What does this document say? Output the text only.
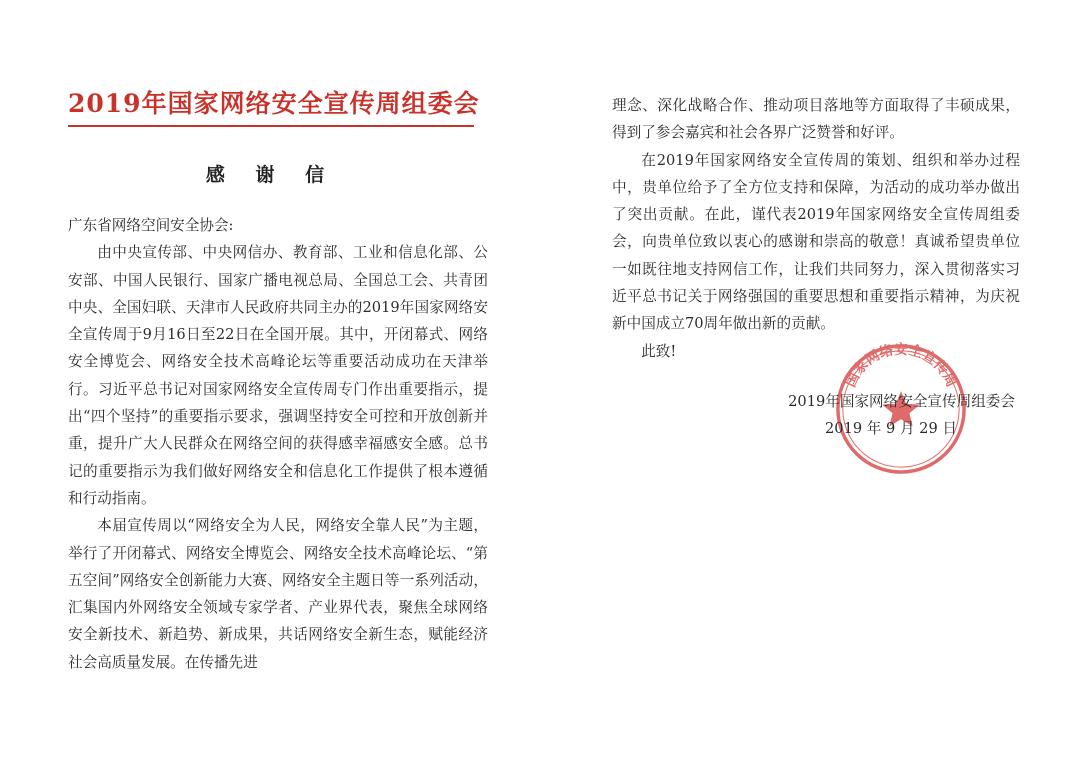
2019年国家网络安全宣传周组委会
感 谢 信

广东省网络空间安全协会:

由中央宣传部、中央网信办、教育部、工业和信息化部、公安部、中国人民银行、国家广播电视总局、全国总工会、共青团中央、全国妇联、天津市人民政府共同主办的2019年国家网络安全宣传周于9月16日至22日在全国开展。其中，开闭幕式、网络安全博览会、网络安全技术高峰论坛等重要活动成功在天津举行。习近平总书记对国家网络安全宣传周专门作出重要指示，提出“四个坚持”的重要指示要求，强调坚持安全可控和开放创新并重，提升广大人民群众在网络空间的获得感幸福感安全感。总书记的重要指示为我们做好网络安全和信息化工作提供了根本遵循和行动指南。

本届宣传周以“网络安全为人民，网络安全靠人民”为主题，举行了开闭幕式、网络安全博览会、网络安全技术高峰论坛、“第五空间”网络安全创新能力大赛、网络安全主题日等一系列活动，汇集国内外网络安全领域专家学者、产业界代表，聚焦全球网络安全新技术、新趋势、新成果，共话网络安全新生态，赋能经济社会高质量发展。在传播先进

理念、深化战略合作、推动项目落地等方面取得了丰硕成果，得到了参会嘉宾和社会各界广泛赞誉和好评。

在2019年国家网络安全宣传周的策划、组织和举办过程中，贵单位给予了全方位支持和保障，为活动的成功举办做出了突出贡献。在此，谨代表2019年国家网络安全宣传周组委会，向贵单位致以衷心的感谢和崇高的敬意！真诚希望贵单位一如既往地支持网信工作，让我们共同努力，深入贯彻落实习近平总书记关于网络强国的重要思想和重要指示精神，为庆祝新中国成立70周年做出新的贡献。

此致!

国家网络安全宣传周
2019年国家网络安全宣传周组委会
2019 年 9 月 29 日
